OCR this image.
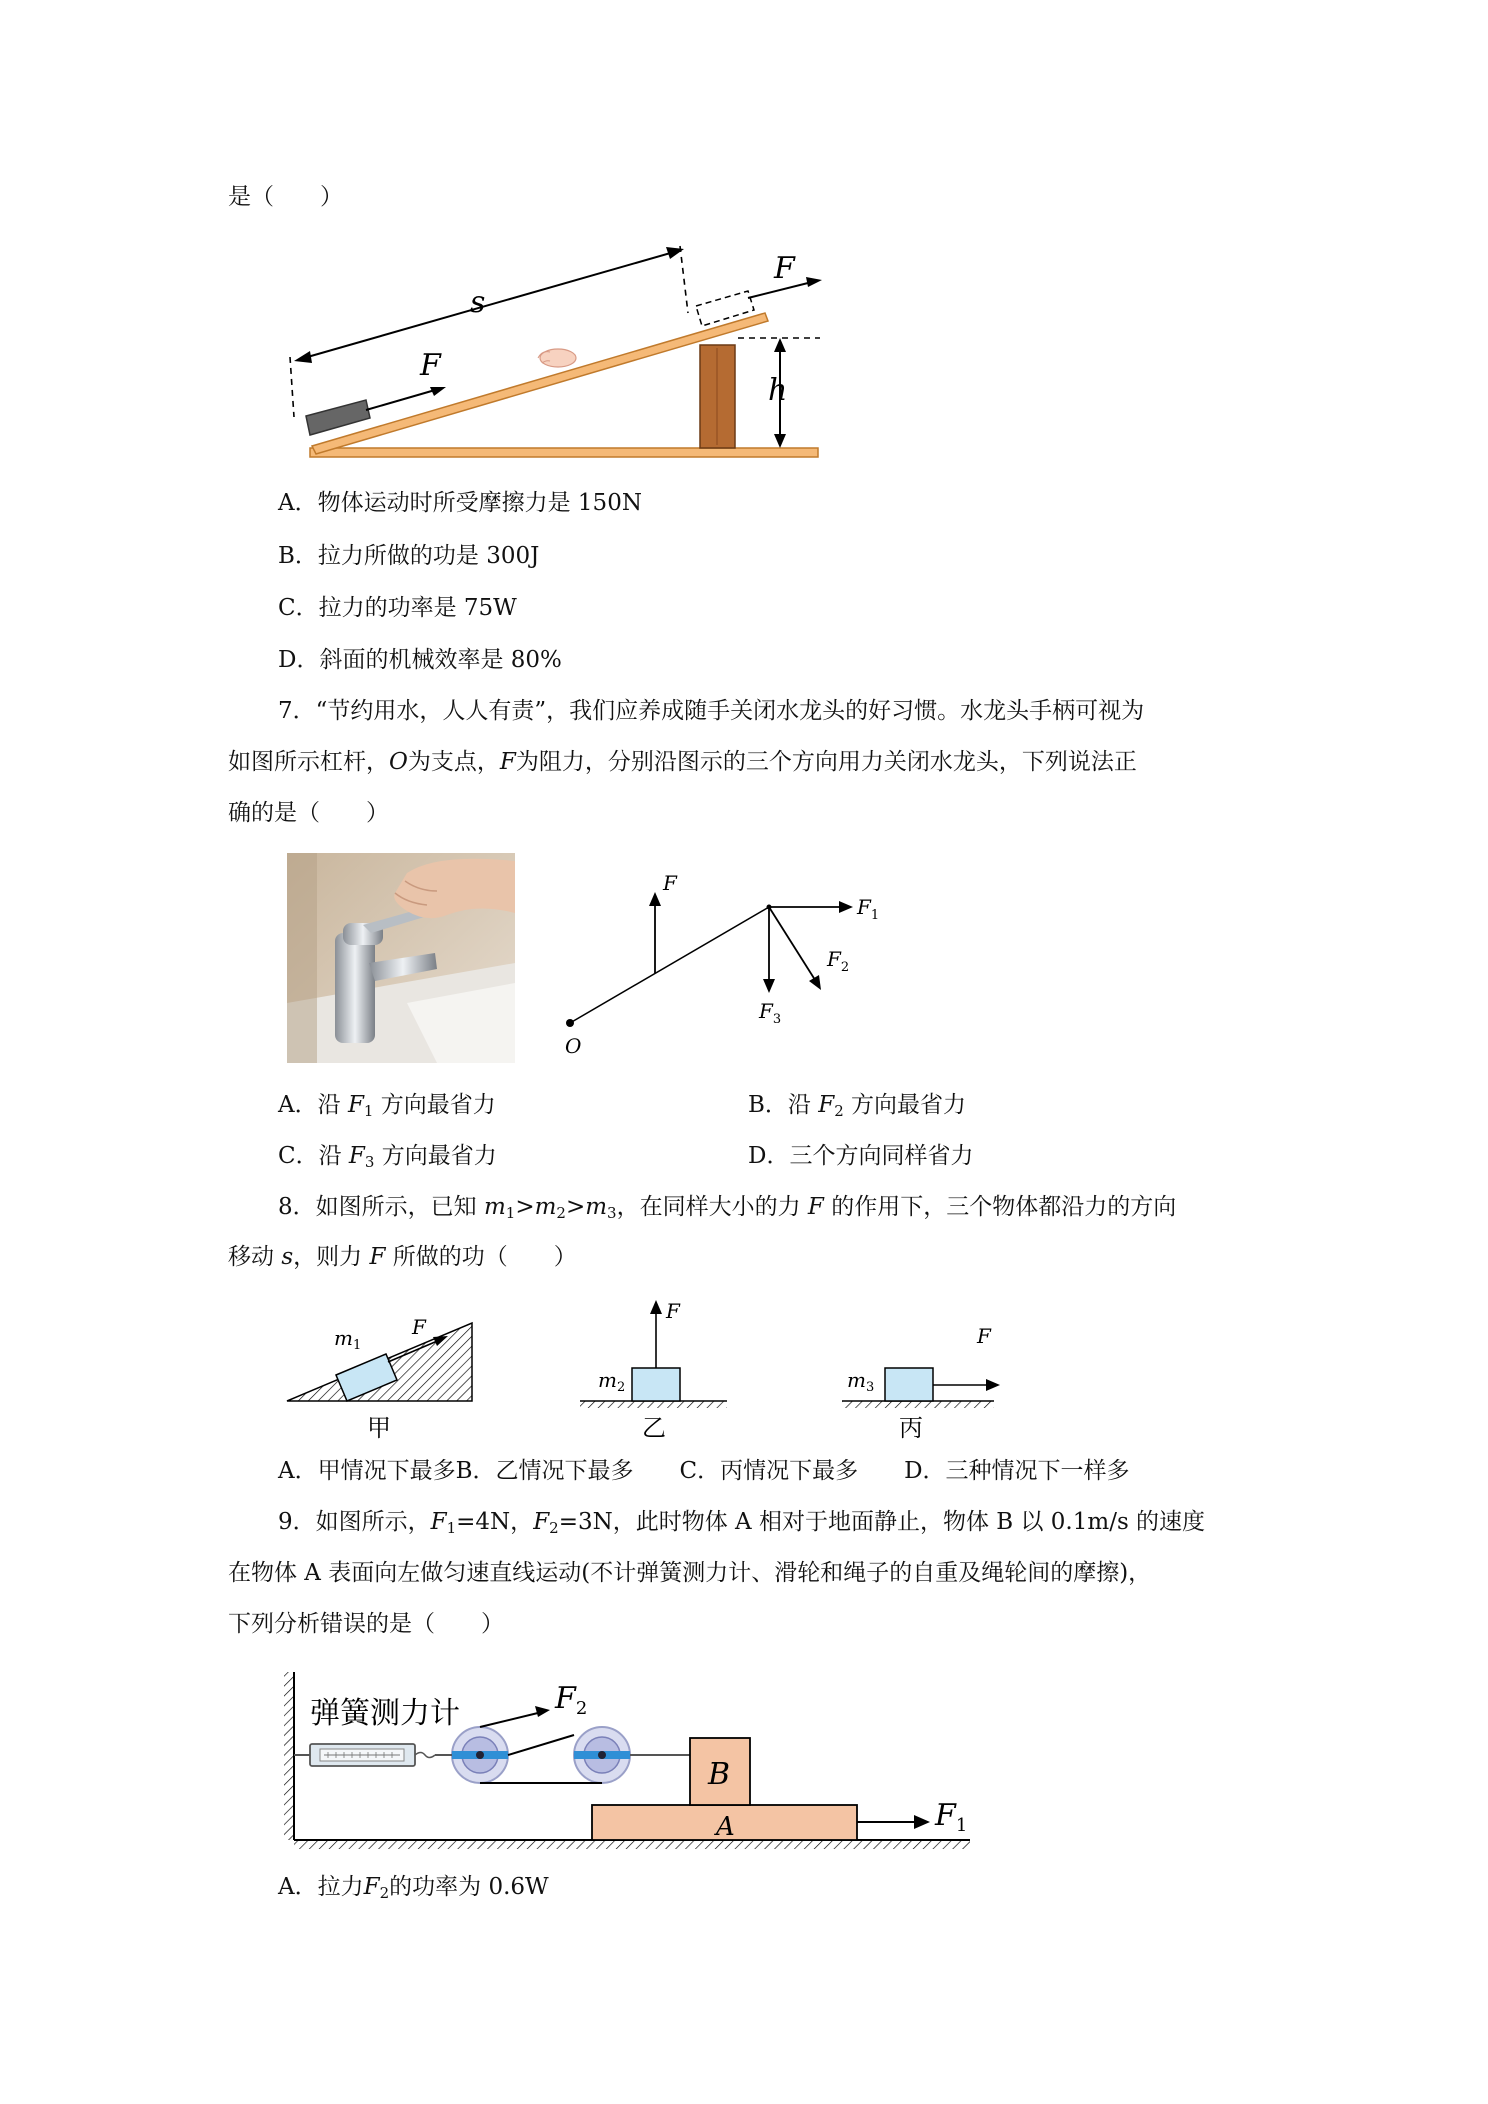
是（　　）
F
s
F
h
A．物体运动时所受摩擦力是 150N
B．拉力所做的功是 300J
C．拉力的功率是 75W
D．斜面的机械效率是 80%
7．“节约用水，人人有责”，我们应养成随手关闭水龙头的好习惯。水龙头手柄可视为
如图所示杠杆，O为支点，F为阻力，分别沿图示的三个方向用力关闭水龙头，下列说法正
确的是（　　）
O
F
$F_1$
$F_2$
$F_3$
A．沿 $F_1$ 方向最省力	B．沿 $F_2$ 方向最省力
C．沿 $F_3$ 方向最省力	D．三个方向同样省力
8．如图所示，已知 $m_1>m_2>m_3$，在同样大小的力 F 的作用下，三个物体都沿力的方向
移动 s，则力 F 所做的功（　　）
$m_1$
F
甲
F
$m_2$
乙
F
$m_3$
丙
A．甲情况下最多B．乙情况下最多　　C．丙情况下最多　　D．三种情况下一样多
9．如图所示，$F_1=4N$，$F_2=3N$，此时物体 A 相对于地面静止，物体 B 以 0.1m/s 的速度
在物体 A 表面向左做匀速直线运动(不计弹簧测力计、滑轮和绳子的自重及绳轮间的摩擦)，
下列分析错误的是（　　）
弹簧测力计	$F_2$
A
B
$F_1$
A．拉力$F_2$的功率为 0.6W
